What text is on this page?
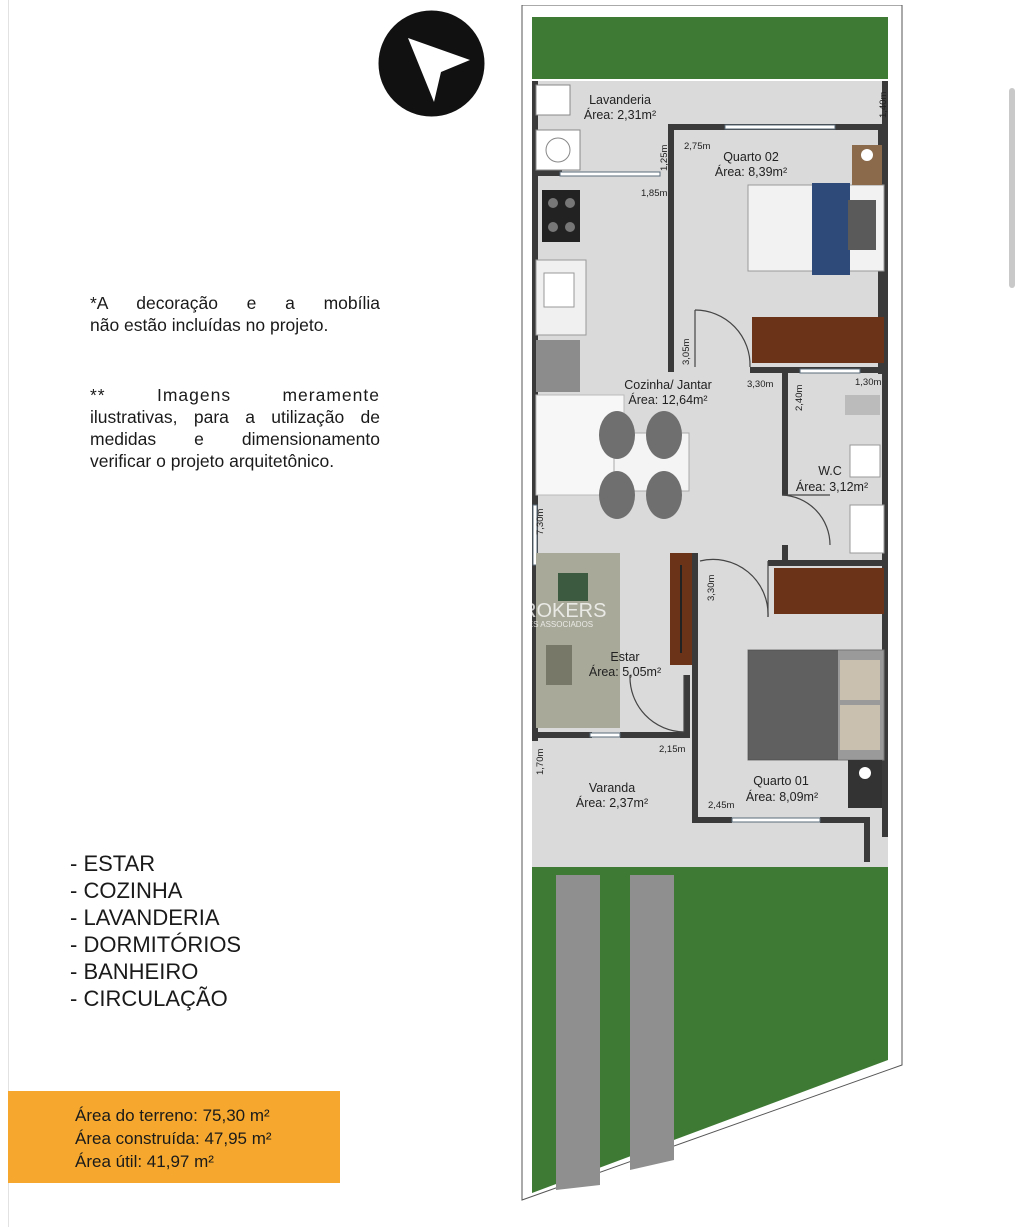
*A decoração e a mobília
não estão incluídas no projeto.
** Imagens meramente
ilustrativas, para a utilização de
medidas e dimensionamento
verificar o projeto arquitetônico.
- ESTAR
- COZINHA
- LAVANDERIA
- DORMITÓRIOS
- BANHEIRO
- CIRCULAÇÃO
Área do terreno: 75,30 m²
Área construída: 47,95 m²
Área útil: 41,97 m²
Lavanderia
Área: 2,31m²
Quarto 02
Área: 8,39m²
Cozinha/ Jantar
Área: 12,64m²
W.C
Área: 3,12m²
Estar
Área: 5,05m²
Varanda
Área: 2,37m²
Quarto 01
Área: 8,09m²
1,40m
2,75m
1,25m
1,85m
3,05m
3,30m
2,40m
1,30m
7,30m
3,30m
2,15m
1,70m
2,45m
ROKERS
RES ASSOCIADOS
